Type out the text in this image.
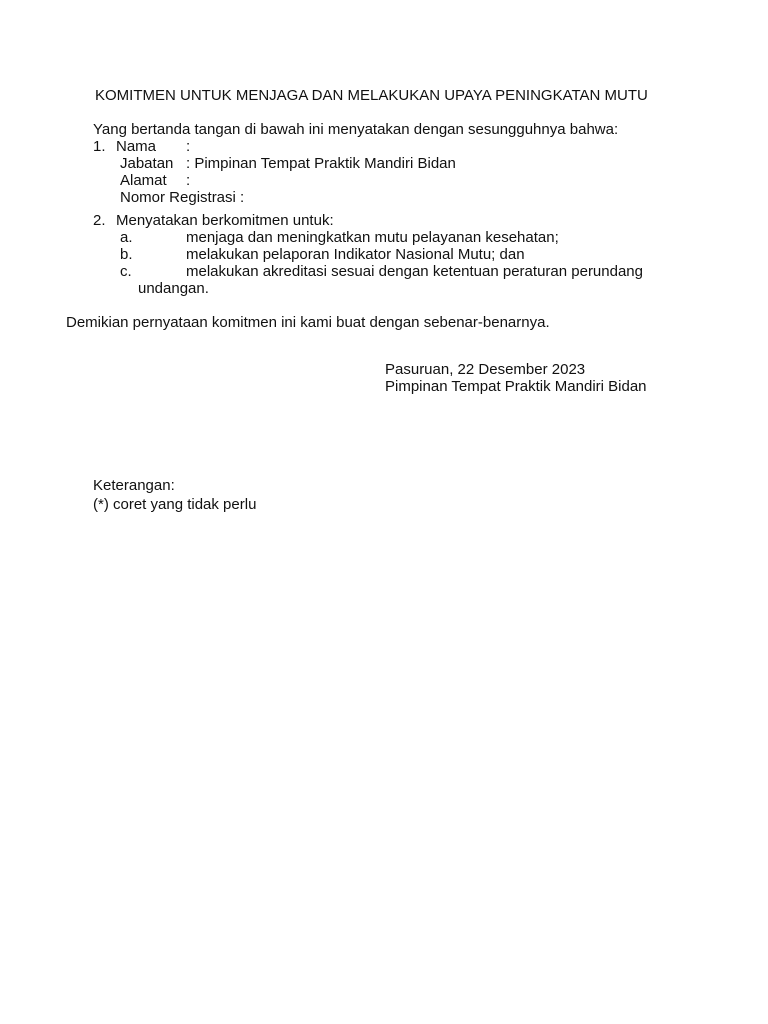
KOMITMEN UNTUK MENJAGA DAN MELAKUKAN UPAYA PENINGKATAN MUTU
Yang bertanda tangan di bawah ini menyatakan dengan sesungguhnya bahwa:
1. Nama :
Jabatan : Pimpinan Tempat Praktik Mandiri Bidan
Alamat :
Nomor Registrasi :
2. Menyatakan berkomitmen untuk:
a.	menjaga dan meningkatkan mutu pelayanan kesehatan;
b.	melakukan pelaporan Indikator Nasional Mutu; dan
c.	melakukan akreditasi sesuai dengan ketentuan peraturan perundang
undangan.
Demikian pernyataan komitmen ini kami buat dengan sebenar-benarnya.
Pasuruan, 22 Desember 2023
Pimpinan Tempat Praktik Mandiri Bidan
Keterangan:
(*) coret yang tidak perlu
